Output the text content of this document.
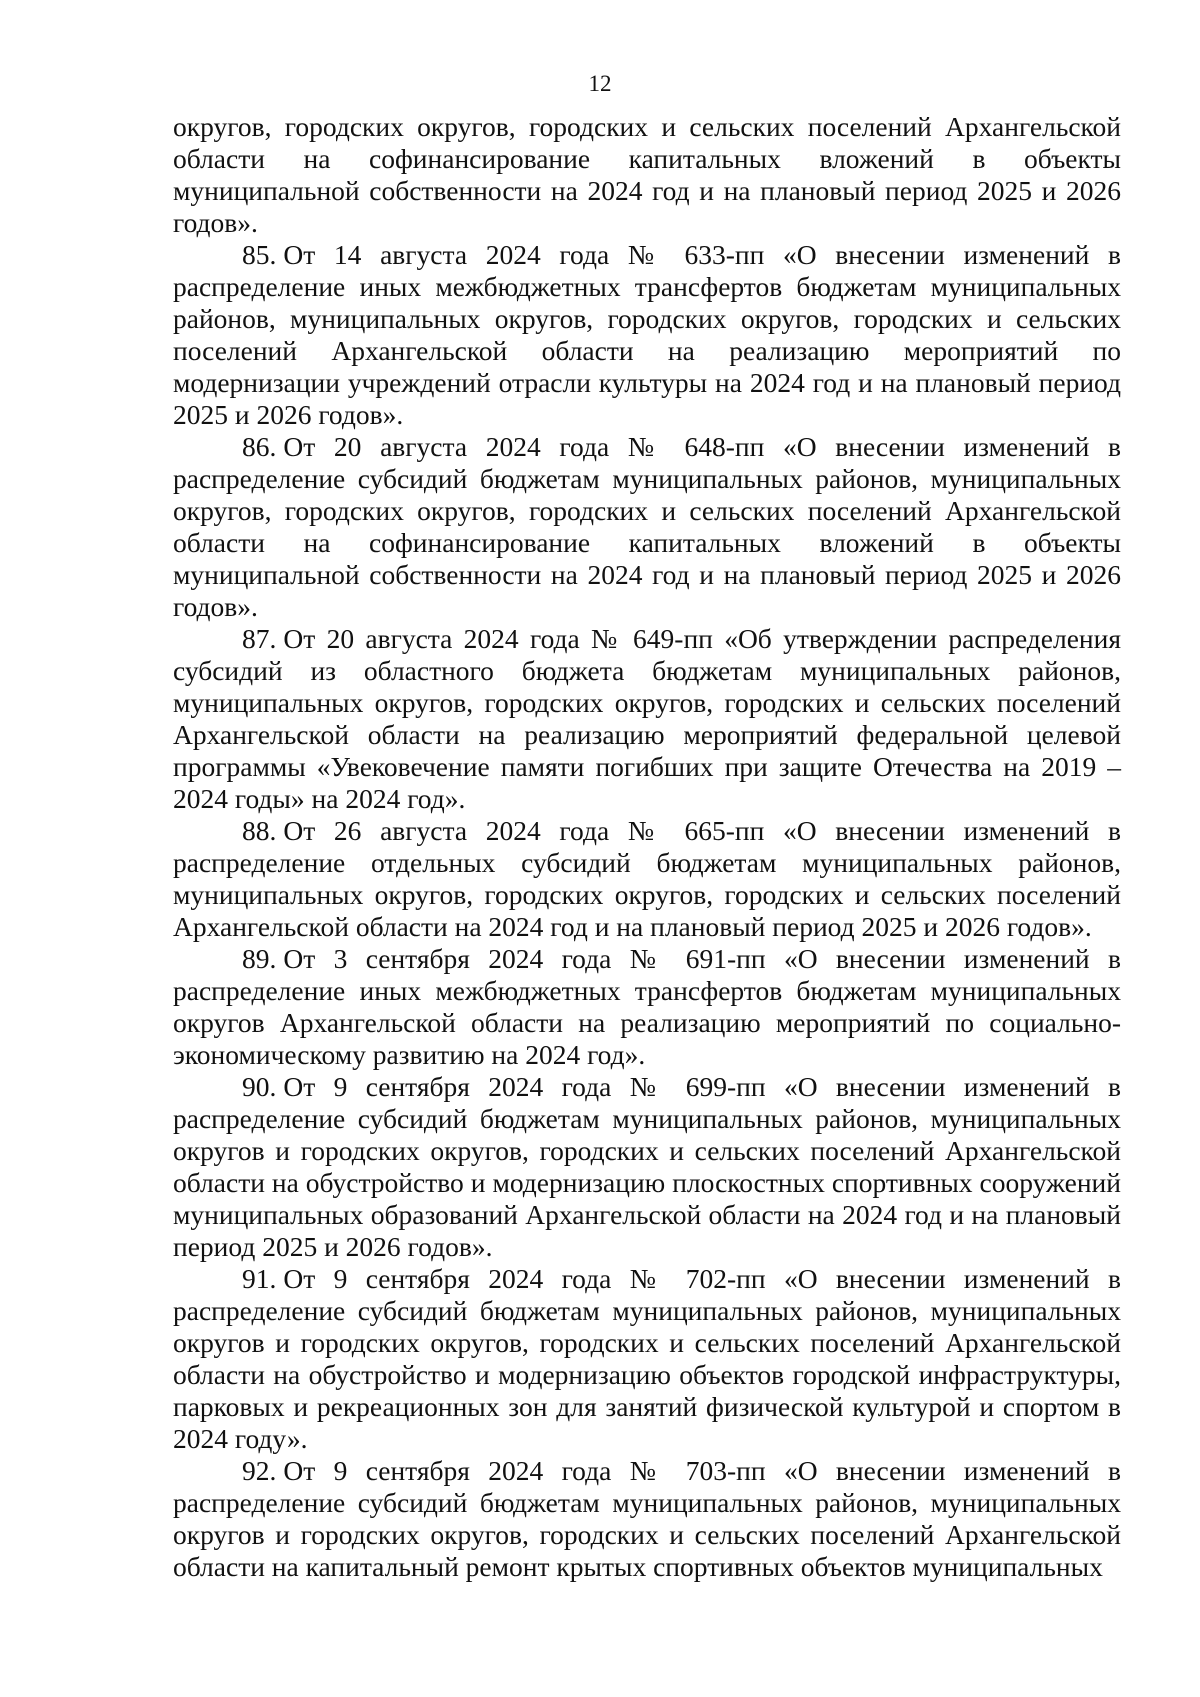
12

округов, городских округов, городских и сельских поселений Архангельской области на софинансирование капитальных вложений в объекты муниципальной собственности на 2024 год и на плановый период 2025 и 2026 годов».

85. От 14 августа 2024 года № 633-пп «О внесении изменений в распределение иных межбюджетных трансфертов бюджетам муниципальных районов, муниципальных округов, городских округов, городских и сельских поселений Архангельской области на реализацию мероприятий по модернизации учреждений отрасли культуры на 2024 год и на плановый период 2025 и 2026 годов».

86. От 20 августа 2024 года № 648-пп «О внесении изменений в распределение субсидий бюджетам муниципальных районов, муниципальных округов, городских округов, городских и сельских поселений Архангельской области на софинансирование капитальных вложений в объекты муниципальной собственности на 2024 год и на плановый период 2025 и 2026 годов».

87. От 20 августа 2024 года № 649-пп «Об утверждении распределения субсидий из областного бюджета бюджетам муниципальных районов, муниципальных округов, городских округов, городских и сельских поселений Архангельской области на реализацию мероприятий федеральной целевой программы «Увековечение памяти погибших при защите Отечества на 2019 – 2024 годы» на 2024 год».

88. От 26 августа 2024 года № 665-пп «О внесении изменений в распределение отдельных субсидий бюджетам муниципальных районов, муниципальных округов, городских округов, городских и сельских поселений Архангельской области на 2024 год и на плановый период 2025 и 2026 годов».

89. От 3 сентября 2024 года № 691-пп «О внесении изменений в распределение иных межбюджетных трансфертов бюджетам муниципальных округов Архангельской области на реализацию мероприятий по социально-экономическому развитию на 2024 год».

90. От 9 сентября 2024 года № 699-пп «О внесении изменений в распределение субсидий бюджетам муниципальных районов, муниципальных округов и городских округов, городских и сельских поселений Архангельской области на обустройство и модернизацию плоскостных спортивных сооружений муниципальных образований Архангельской области на 2024 год и на плановый период 2025 и 2026 годов».

91. От 9 сентября 2024 года № 702-пп «О внесении изменений в распределение субсидий бюджетам муниципальных районов, муниципальных округов и городских округов, городских и сельских поселений Архангельской области на обустройство и модернизацию объектов городской инфраструктуры, парковых и рекреационных зон для занятий физической культурой и спортом в 2024 году».

92. От 9 сентября 2024 года № 703-пп «О внесении изменений в распределение субсидий бюджетам муниципальных районов, муниципальных округов и городских округов, городских и сельских поселений Архангельской области на капитальный ремонт крытых спортивных объектов муниципальных
